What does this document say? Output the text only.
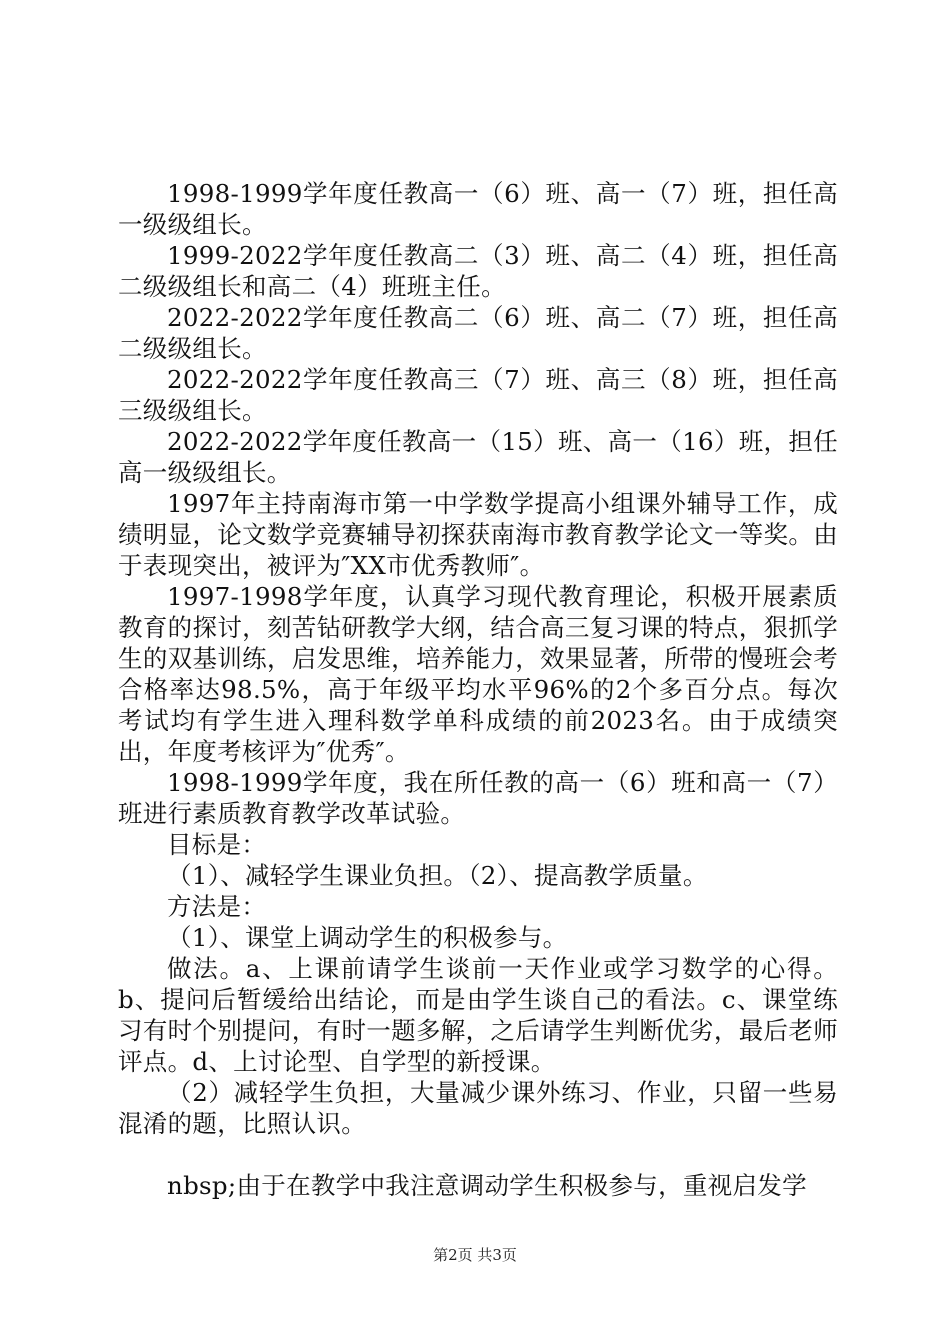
1998-1999学年度任教高一（6）班、高一（7）班，担任高一级级组长。

1999-2022学年度任教高二（3）班、高二（4）班，担任高二级级组长和高二（4）班班主任。

2022-2022学年度任教高二（6）班、高二（7）班，担任高二级级组长。

2022-2022学年度任教高三（7）班、高三（8）班，担任高三级级组长。

2022-2022学年度任教高一（15）班、高一（16）班，担任高一级级组长。

1997年主持南海市第一中学数学提高小组课外辅导工作，成绩明显，论文数学竞赛辅导初探获南海市教育教学论文一等奖。由于表现突出，被评为″XX市优秀教师″。

1997-1998学年度，认真学习现代教育理论，积极开展素质教育的探讨，刻苦钻研教学大纲，结合高三复习课的特点，狠抓学生的双基训练，启发思维，培养能力，效果显著，所带的慢班会考合格率达98.5%，高于年级平均水平96%的2个多百分点。每次考试均有学生进入理科数学单科成绩的前2023名。由于成绩突出，年度考核评为″优秀″。

1998-1999学年度，我在所任教的高一（6）班和高一（7）班进行素质教育教学改革试验。

目标是：

（1）、减轻学生课业负担。（2）、提高教学质量。

方法是：

（1）、课堂上调动学生的积极参与。

做法。a、上课前请学生谈前一天作业或学习数学的心得。b、提问后暂缓给出结论，而是由学生谈自己的看法。c、课堂练习有时个别提问，有时一题多解，之后请学生判断优劣，最后老师评点。d、上讨论型、自学型的新授课。

（2）减轻学生负担，大量减少课外练习、作业，只留一些易混淆的题，比照认识。

nbsp;由于在教学中我注意调动学生积极参与，重视启发学

第2页 共3页
